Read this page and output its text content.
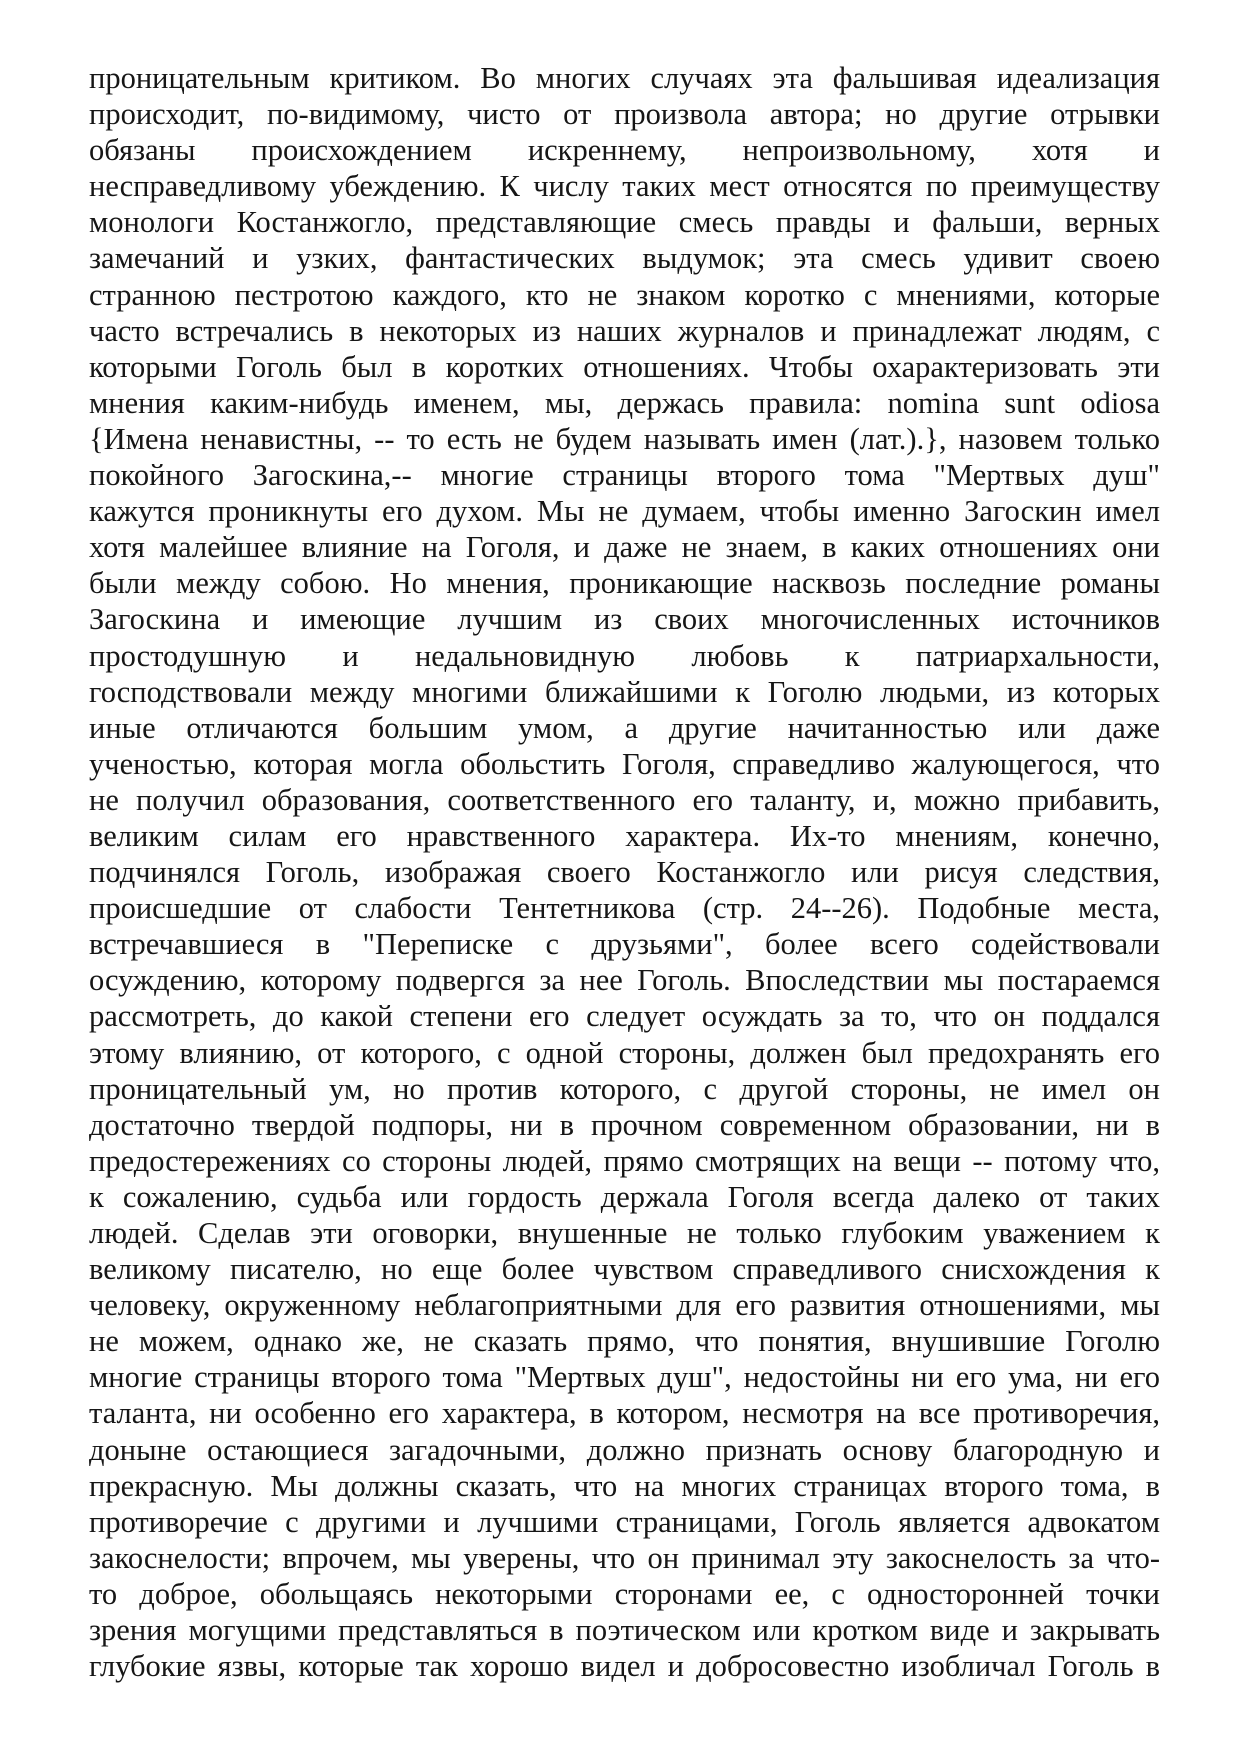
проницательным критиком. Во многих случаях эта фальшивая идеализация
происходит, по-видимому, чисто от произвола автора; но другие отрывки
обязаны происхождением искреннему, непроизвольному, хотя и
несправедливому убеждению. К числу таких мест относятся по преимуществу
монологи Костанжогло, представляющие смесь правды и фальши, верных
замечаний и узких, фантастических выдумок; эта смесь удивит своею
странною пестротою каждого, кто не знаком коротко с мнениями, которые
часто встречались в некоторых из наших журналов и принадлежат людям, с
которыми Гоголь был в коротких отношениях. Чтобы охарактеризовать эти
мнения каким-нибудь именем, мы, держась правила: nomina sunt odiosa
{Имена ненавистны, -- то есть не будем называть имен (лат.).}, назовем только
покойного Загоскина,-- многие страницы второго тома "Мертвых душ"
кажутся проникнуты его духом. Мы не думаем, чтобы именно Загоскин имел
хотя малейшее влияние на Гоголя, и даже не знаем, в каких отношениях они
были между собою. Но мнения, проникающие насквозь последние романы
Загоскина и имеющие лучшим из своих многочисленных источников
простодушную и недальновидную любовь к патриархальности,
господствовали между многими ближайшими к Гоголю людьми, из которых
иные отличаются большим умом, а другие начитанностью или даже
ученостью, которая могла обольстить Гоголя, справедливо жалующегося, что
не получил образования, соответственного его таланту, и, можно прибавить,
великим силам его нравственного характера. Их-то мнениям, конечно,
подчинялся Гоголь, изображая своего Костанжогло или рисуя следствия,
происшедшие от слабости Тентетникова (стр. 24--26). Подобные места,
встречавшиеся в "Переписке с друзьями", более всего содействовали
осуждению, которому подвергся за нее Гоголь. Впоследствии мы постараемся
рассмотреть, до какой степени его следует осуждать за то, что он поддался
этому влиянию, от которого, с одной стороны, должен был предохранять его
проницательный ум, но против которого, с другой стороны, не имел он
достаточно твердой подпоры, ни в прочном современном образовании, ни в
предостережениях со стороны людей, прямо смотрящих на вещи -- потому что,
к сожалению, судьба или гордость держала Гоголя всегда далеко от таких
людей. Сделав эти оговорки, внушенные не только глубоким уважением к
великому писателю, но еще более чувством справедливого снисхождения к
человеку, окруженному неблагоприятными для его развития отношениями, мы
не можем, однако же, не сказать прямо, что понятия, внушившие Гоголю
многие страницы второго тома "Мертвых душ", недостойны ни его ума, ни его
таланта, ни особенно его характера, в котором, несмотря на все противоречия,
доныне остающиеся загадочными, должно признать основу благородную и
прекрасную. Мы должны сказать, что на многих страницах второго тома, в
противоречие с другими и лучшими страницами, Гоголь является адвокатом
закоснелости; впрочем, мы уверены, что он принимал эту закоснелость за что-
то доброе, обольщаясь некоторыми сторонами ее, с односторонней точки
зрения могущими представляться в поэтическом или кротком виде и закрывать
глубокие язвы, которые так хорошо видел и добросовестно изобличал Гоголь в
